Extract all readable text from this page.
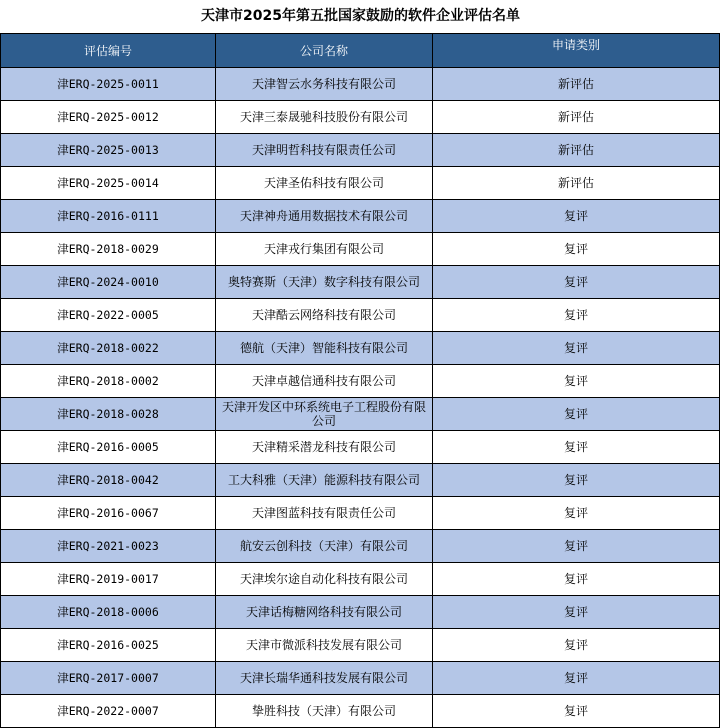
天津市2025年第五批国家鼓励的软件企业评估名单
评估编号	公司名称	申请类别
津ERQ-2025-0011	天津智云水务科技有限公司	新评估
津ERQ-2025-0012	天津三泰晟驰科技股份有限公司	新评估
津ERQ-2025-0013	天津明哲科技有限责任公司	新评估
津ERQ-2025-0014	天津圣佑科技有限公司	新评估
津ERQ-2016-0111	天津神舟通用数据技术有限公司	复评
津ERQ-2018-0029	天津戎行集团有限公司	复评
津ERQ-2024-0010	奥特赛斯（天津）数字科技有限公司	复评
津ERQ-2022-0005	天津酷云网络科技有限公司	复评
津ERQ-2018-0022	德航（天津）智能科技有限公司	复评
津ERQ-2018-0002	天津卓越信通科技有限公司	复评
津ERQ-2018-0028	天津开发区中环系统电子工程股份有限公司	复评
津ERQ-2016-0005	天津精采潜龙科技有限公司	复评
津ERQ-2018-0042	工大科雅（天津）能源科技有限公司	复评
津ERQ-2016-0067	天津图蓝科技有限责任公司	复评
津ERQ-2021-0023	航安云创科技（天津）有限公司	复评
津ERQ-2019-0017	天津埃尔途自动化科技有限公司	复评
津ERQ-2018-0006	天津话梅糖网络科技有限公司	复评
津ERQ-2016-0025	天津市微派科技发展有限公司	复评
津ERQ-2017-0007	天津长瑞华通科技发展有限公司	复评
津ERQ-2022-0007	挚胜科技（天津）有限公司	复评
